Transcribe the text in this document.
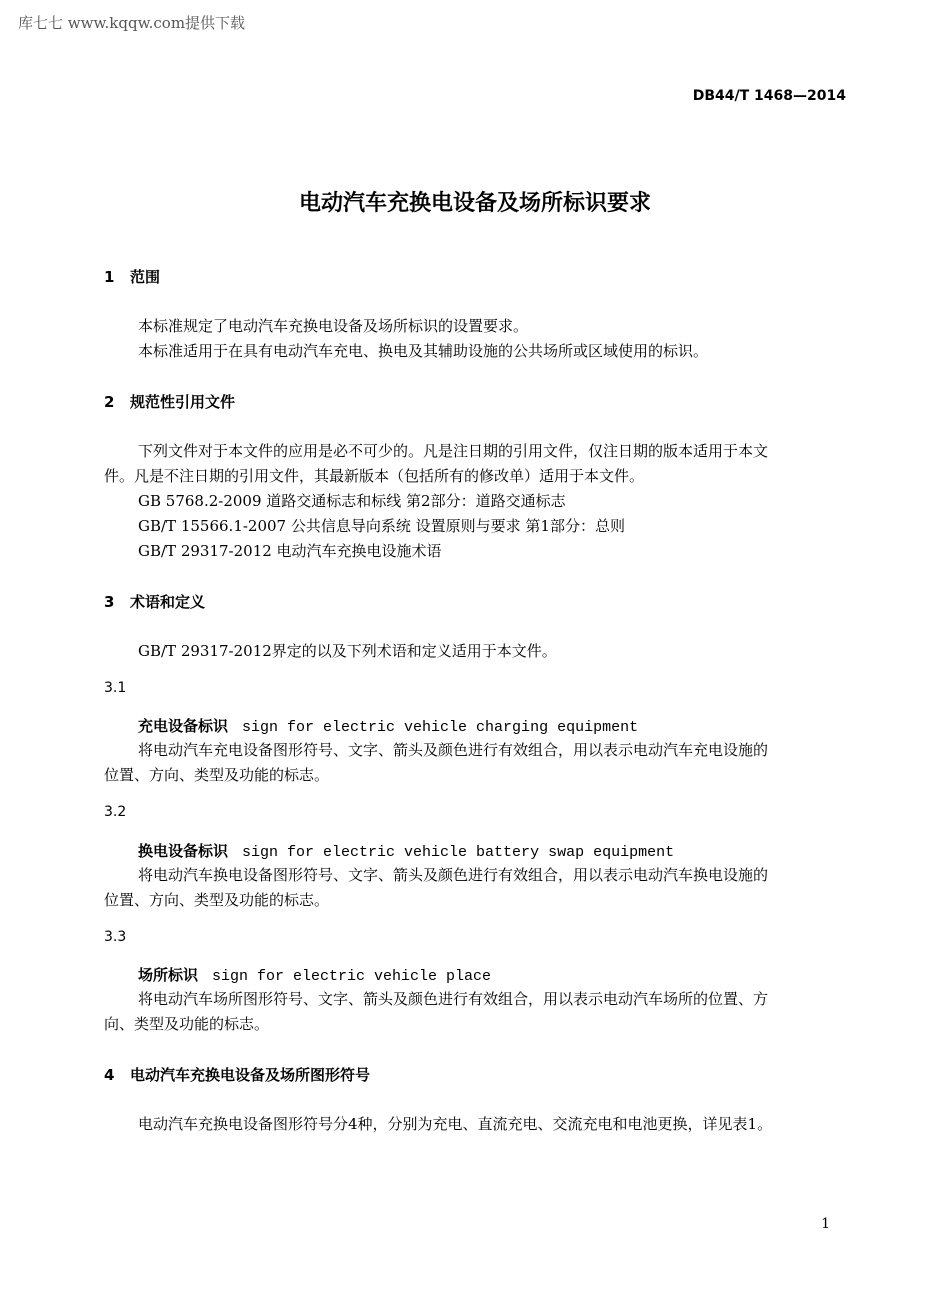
库七七 www.kqqw.com提供下载
DB44/T 1468—2014
电动汽车充换电设备及场所标识要求
1 范围
本标准规定了电动汽车充换电设备及场所标识的设置要求。
本标准适用于在具有电动汽车充电、换电及其辅助设施的公共场所或区域使用的标识。
2 规范性引用文件
下列文件对于本文件的应用是必不可少的。凡是注日期的引用文件，仅注日期的版本适用于本文
件。凡是不注日期的引用文件，其最新版本（包括所有的修改单）适用于本文件。
GB 5768.2-2009 道路交通标志和标线 第2部分：道路交通标志
GB/T 15566.1-2007 公共信息导向系统 设置原则与要求 第1部分：总则
GB/T 29317-2012 电动汽车充换电设施术语
3 术语和定义
GB/T 29317-2012界定的以及下列术语和定义适用于本文件。
3.1
充电设备标识 sign for electric vehicle charging equipment
将电动汽车充电设备图形符号、文字、箭头及颜色进行有效组合，用以表示电动汽车充电设施的
位置、方向、类型及功能的标志。
3.2
换电设备标识 sign for electric vehicle battery swap equipment
将电动汽车换电设备图形符号、文字、箭头及颜色进行有效组合，用以表示电动汽车换电设施的
位置、方向、类型及功能的标志。
3.3
场所标识 sign for electric vehicle place
将电动汽车场所图形符号、文字、箭头及颜色进行有效组合，用以表示电动汽车场所的位置、方
向、类型及功能的标志。
4 电动汽车充换电设备及场所图形符号
电动汽车充换电设备图形符号分4种，分别为充电、直流充电、交流充电和电池更换，详见表1。
1
